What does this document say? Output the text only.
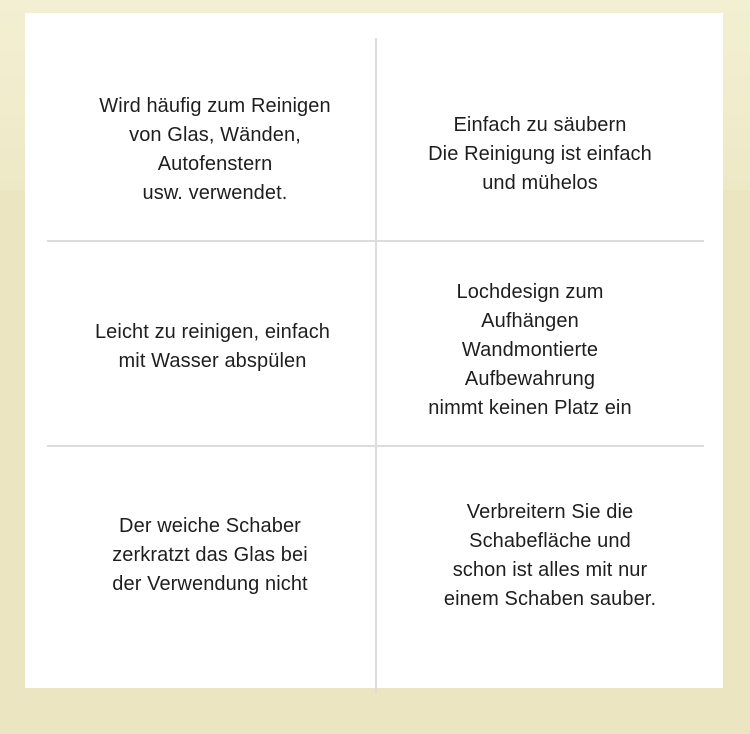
Wird häufig zum Reinigen
von Glas, Wänden,
Autofenstern
usw. verwendet.
Einfach zu säubern
Die Reinigung ist einfach
und mühelos
Leicht zu reinigen, einfach
mit Wasser abspülen
Lochdesign zum
Aufhängen
Wandmontierte
Aufbewahrung
nimmt keinen Platz ein
Der weiche Schaber
zerkratzt das Glas bei
der Verwendung nicht
Verbreitern Sie die
Schabefläche und
schon ist alles mit nur
einem Schaben sauber.
